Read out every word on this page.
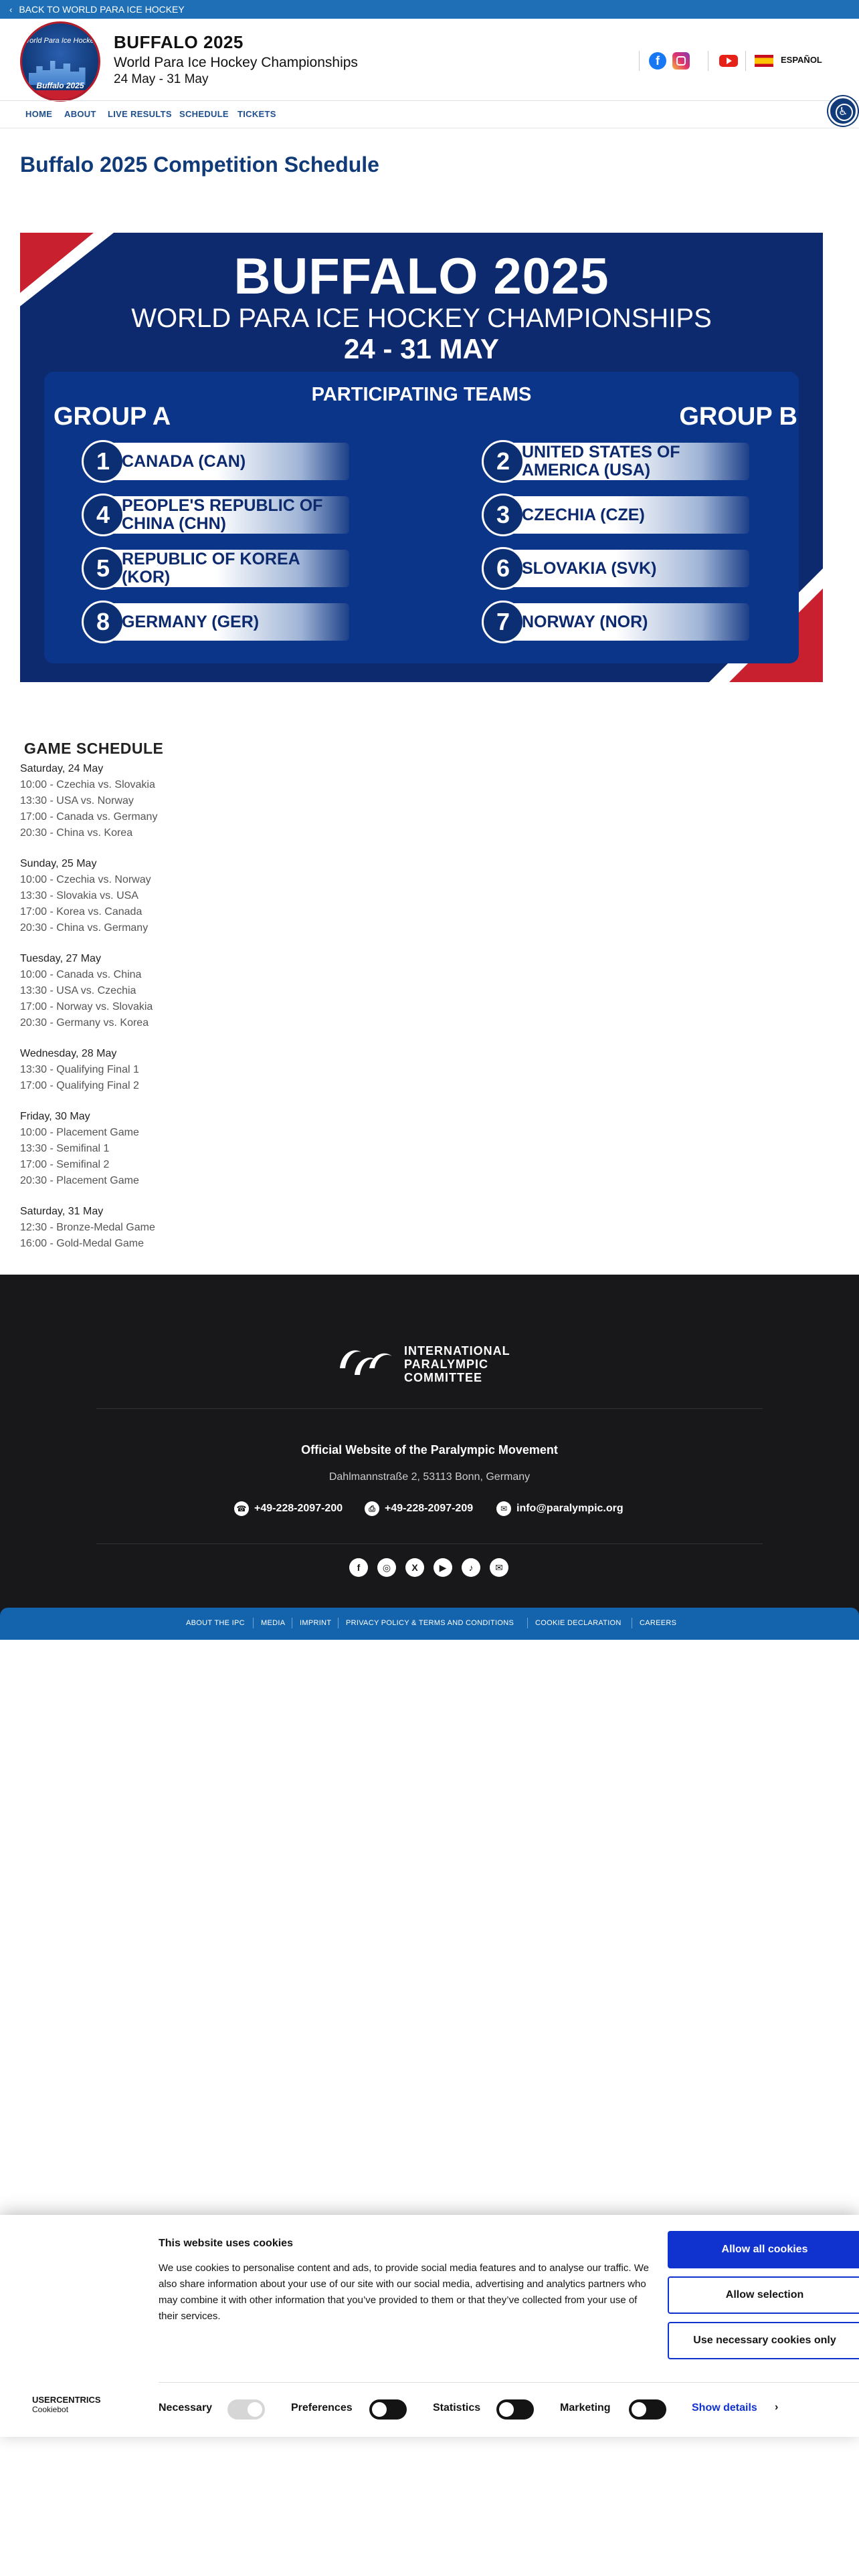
‹ BACK TO WORLD PARA ICE HOCKEY
World Para Ice Hockey
Buffalo 2025
BUFFALO 2025
World Para Ice Hockey Championships
24 May - 31 May
f	ESPAÑOL
HOME ABOUT LIVE RESULTS SCHEDULE TICKETS
♿
Buffalo 2025 Competition Schedule
BUFFALO 2025
WORLD PARA ICE HOCKEY CHAMPIONSHIPS
24 - 31 MAY
PARTICIPATING TEAMS
GROUP A	GROUP B
1 CANADA (CAN)
4 PEOPLE'S REPUBLIC OF CHINA (CHN)
5 REPUBLIC OF KOREA (KOR)
8 GERMANY (GER)
2 UNITED STATES OF AMERICA (USA)
3 CZECHIA (CZE)
6 SLOVAKIA (SVK)
7 NORWAY (NOR)
GAME SCHEDULE
Saturday, 24 May
10:00 - Czechia vs. Slovakia
13:30 - USA vs. Norway
17:00 - Canada vs. Germany
20:30 - China vs. Korea
Sunday, 25 May
10:00 - Czechia vs. Norway
13:30 - Slovakia vs. USA
17:00 - Korea vs. Canada
20:30 - China vs. Germany
Tuesday, 27 May
10:00 - Canada vs. China
13:30 - USA vs. Czechia
17:00 - Norway vs. Slovakia
20:30 - Germany vs. Korea
Wednesday, 28 May
13:30 - Qualifying Final 1
17:00 - Qualifying Final 2
Friday, 30 May
10:00 - Placement Game
13:30 - Semifinal 1
17:00 - Semifinal 2
20:30 - Placement Game
Saturday, 31 May
12:30 - Bronze-Medal Game
16:00 - Gold-Medal Game
INTERNATIONAL
PARALYMPIC
COMMITTEE
Official Website of the Paralympic Movement
Dahlmannstraße 2, 53113 Bonn, Germany
☎+49-228-2097-200 ⎙	+49-228-2097-209 ✉	info@paralympic.org
f	◎	X	▶	♪	✉
ABOUT THE IPC MEDIA IMPRINT PRIVACY POLICY & TERMS AND CONDITIONS	COOKIE DECLARATION CAREERS
This website uses cookies
We use cookies to personalise content and ads, to provide social media features and to analyse our traffic. We also share information about your use of our site with our social media, advertising and analytics partners who may combine it with other information that you’ve provided to them or that they’ve collected from your use of their services.
Allow all cookies
Allow selection
Use necessary cookies only
USERCENTRICS
Cookiebot	Necessary	Preferences	Statistics	Marketing	Show details ›
